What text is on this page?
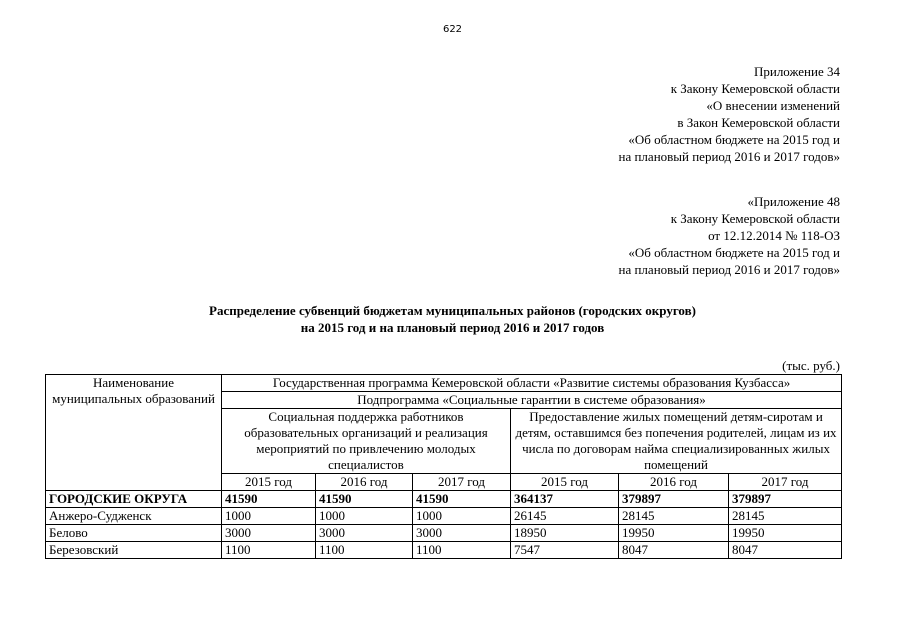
622
Приложение 34
к Закону Кемеровской области
«О внесении изменений
в Закон Кемеровской области
«Об областном бюджете на 2015 год и
на плановый период 2016 и 2017 годов»
«Приложение 48
к Закону Кемеровской области
от 12.12.2014 № 118-ОЗ
«Об областном бюджете на 2015 год и
на плановый период 2016 и 2017 годов»
Распределение субвенций бюджетам муниципальных районов (городских округов)
на 2015 год и на плановый период 2016 и 2017 годов
(тыс. руб.)
Наименование муниципальных образований	Государственная программа Кемеровской области «Развитие системы образования Кузбасса»					
	Подпрограмма «Социальные гарантии в системе образования»					
	Социальная поддержка работников образовательных организаций и реализация мероприятий по привлечению молодых специалистов			Предоставление жилых помещений детям-сиротам и детям, оставшимся без попечения родителей, лицам из их числа по договорам найма специализированных жилых помещений		
	2015 год	2016 год	2017 год	2015 год	2016 год	2017 год
ГОРОДСКИЕ ОКРУГА	41590	41590	41590	364137	379897	379897
Анжеро-Судженск	1000	1000	1000	26145	28145	28145
Белово	3000	3000	3000	18950	19950	19950
Березовский	1100	1100	1100	7547	8047	8047
